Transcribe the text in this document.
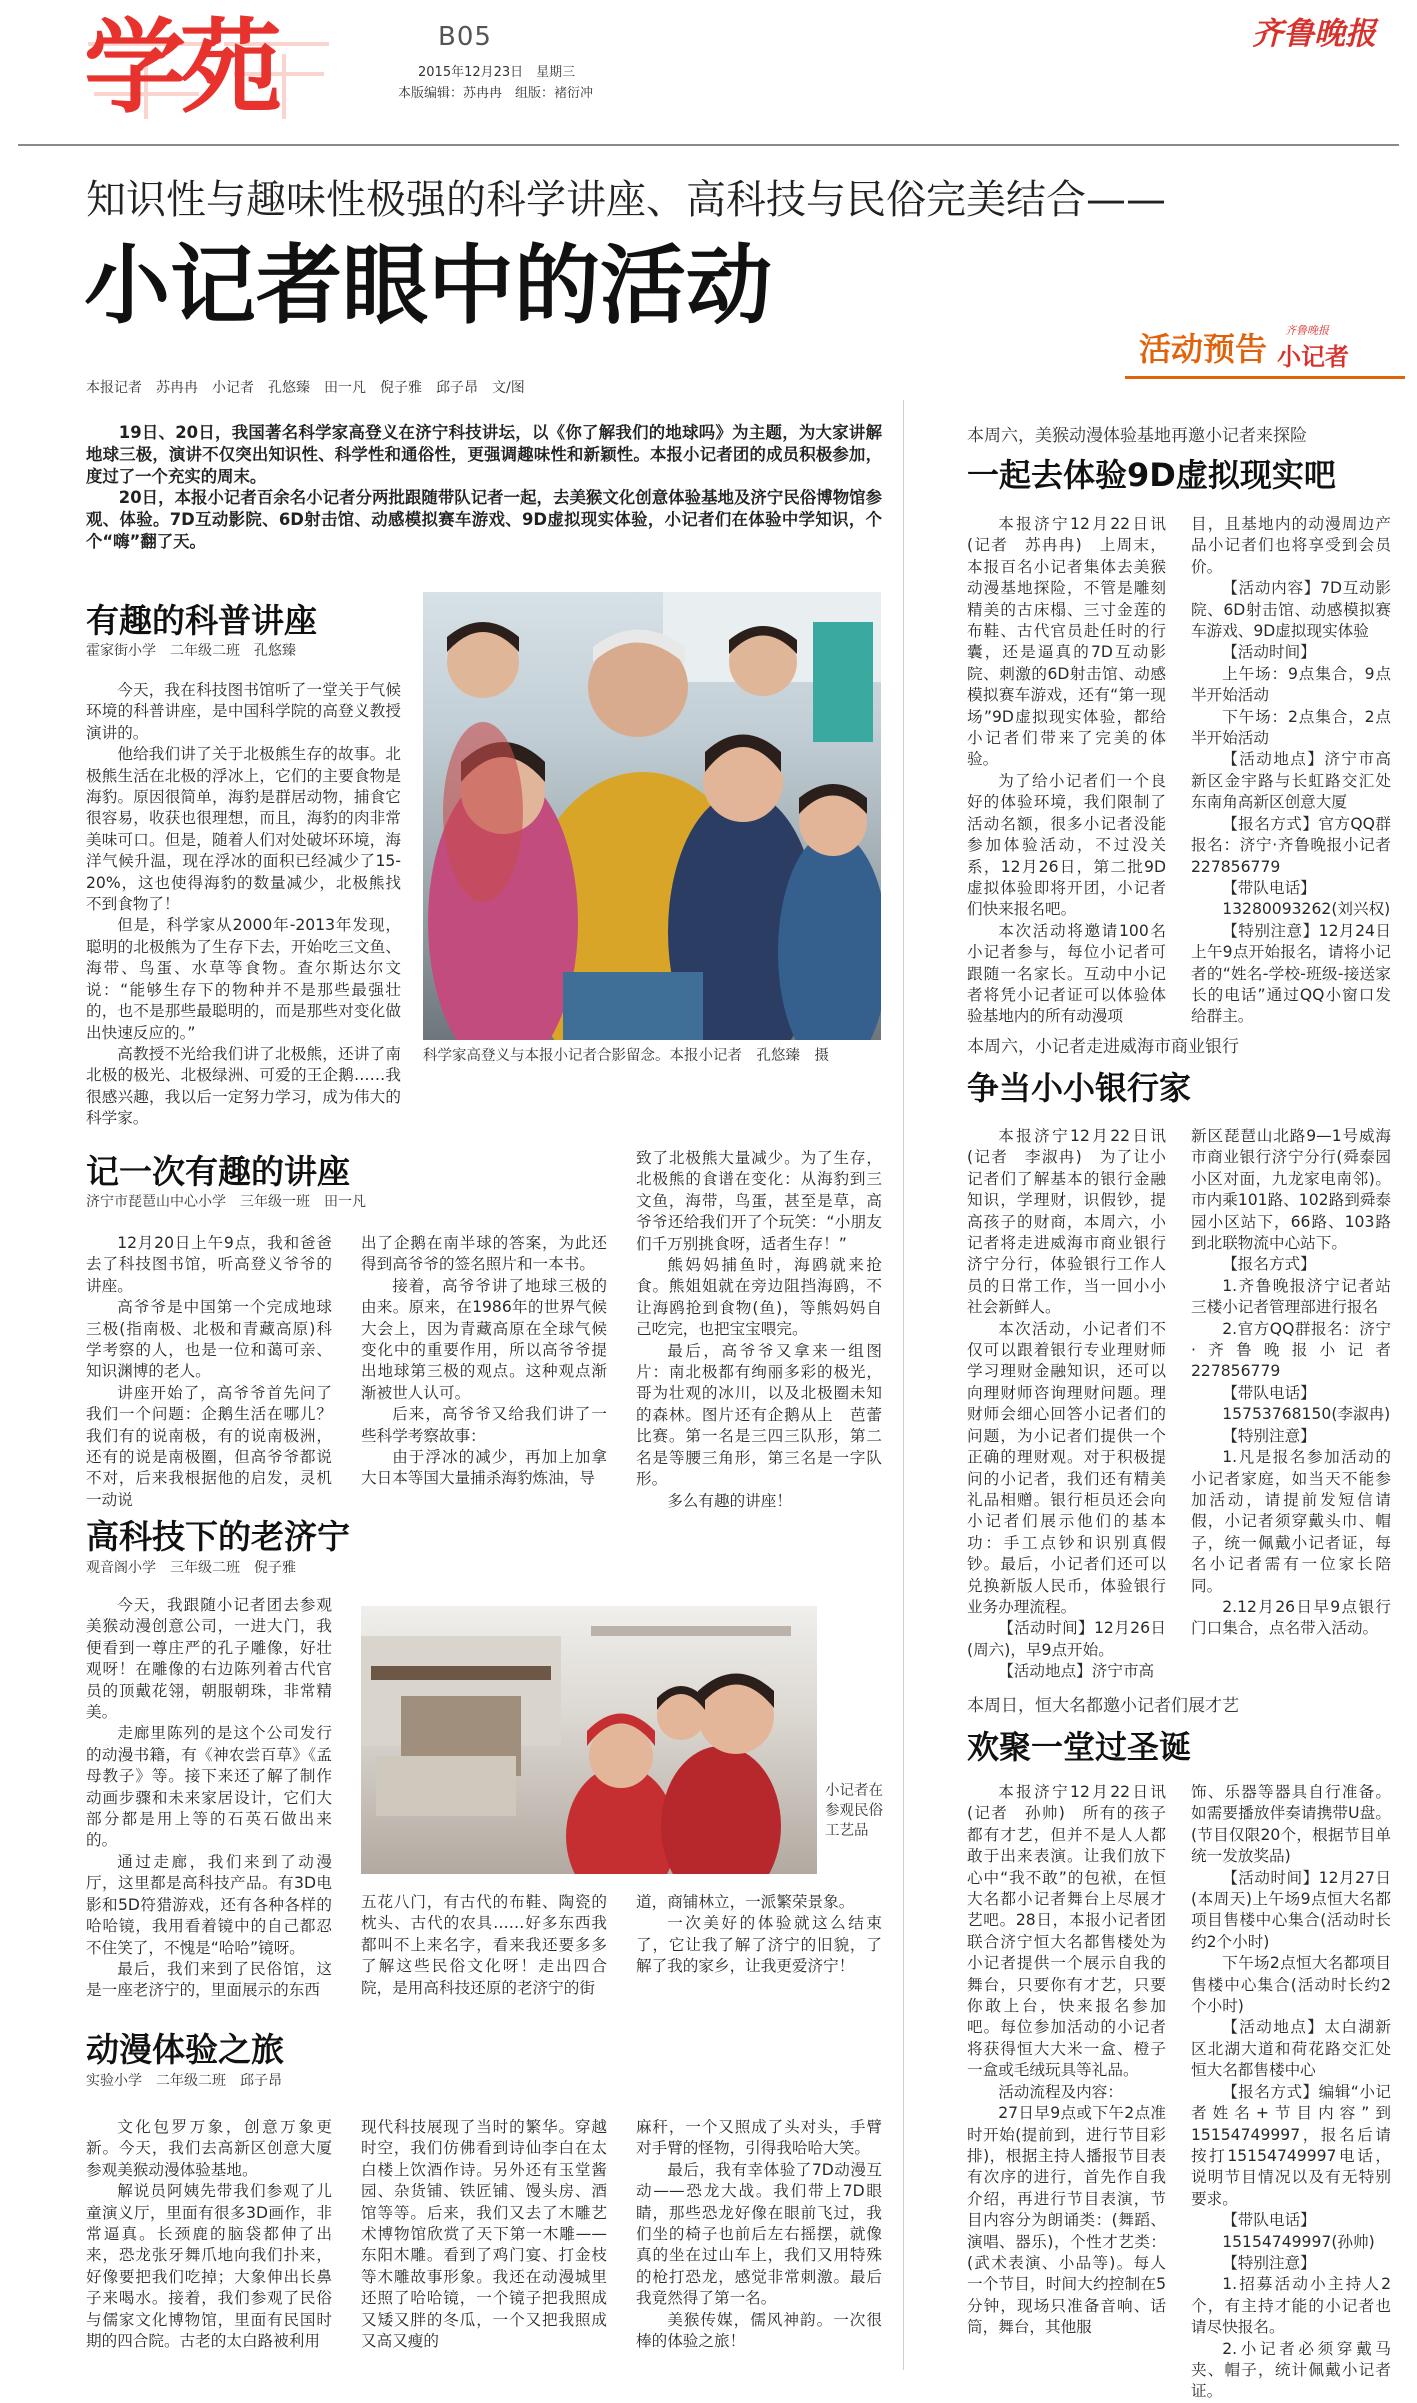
学苑	B05
2015年12月23日　星期三
本版编辑：苏冉冉　组版：褚衍冲
齐鲁晚报
知识性与趣味性极强的科学讲座、高科技与民俗完美结合——
小记者眼中的活动
本报记者　苏冉冉　小记者　孔悠臻　田一凡　倪子雅　邱子昂　文/图

19日、20日，我国著名科学家高登义在济宁科技讲坛，以《你了解我们的地球吗》为主题，为大家讲解地球三极，演讲不仅突出知识性、科学性和通俗性，更强调趣味性和新颖性。本报小记者团的成员积极参加，度过了一个充实的周末。

20日，本报小记者百余名小记者分两批跟随带队记者一起，去美猴文化创意体验基地及济宁民俗博物馆参观、体验。7D互动影院、6D射击馆、动感模拟赛车游戏、9D虚拟现实体验，小记者们在体验中学知识，个个“嗨”翻了天。

活动预告 齐鲁晚报
小记者
有趣的科普讲座
霍家街小学　二年级二班　孔悠臻

今天，我在科技图书馆听了一堂关于气候环境的科普讲座，是中国科学院的高登义教授演讲的。

他给我们讲了关于北极熊生存的故事。北极熊生活在北极的浮冰上，它们的主要食物是海豹。原因很简单，海豹是群居动物，捕食它很容易，收获也很理想，而且，海豹的肉非常美味可口。但是，随着人们对处破坏环境，海洋气候升温，现在浮冰的面积已经减少了15-20%，这也使得海豹的数量减少，北极熊找不到食物了！

但是，科学家从2000年-2013年发现，聪明的北极熊为了生存下去，开始吃三文鱼、海带、鸟蛋、水草等食物。查尔斯达尔文说：“能够生存下的物种并不是那些最强壮的，也不是那些最聪明的，而是那些对变化做出快速反应的。”

高教授不光给我们讲了北极熊，还讲了南北极的极光、北极绿洲、可爱的王企鹅……我很感兴趣，我以后一定努力学习，成为伟大的科学家。

科学家高登义与本报小记者合影留念。本报小记者　孔悠臻　摄
记一次有趣的讲座
济宁市琵琶山中心小学　三年级一班　田一凡

12月20日上午9点，我和爸爸去了科技图书馆，听高登义爷爷的讲座。

高爷爷是中国第一个完成地球三极(指南极、北极和青藏高原)科学考察的人，也是一位和蔼可亲、知识渊博的老人。

讲座开始了，高爷爷首先问了我们一个问题：企鹅生活在哪儿？我们有的说南极，有的说南极洲，还有的说是南极圈，但高爷爷都说不对，后来我根据他的启发，灵机一动说

出了企鹅在南半球的答案，为此还得到高爷爷的签名照片和一本书。

接着，高爷爷讲了地球三极的由来。原来，在1986年的世界气候大会上，因为青藏高原在全球气候变化中的重要作用，所以高爷爷提出地球第三极的观点。这种观点渐渐被世人认可。

后来，高爷爷又给我们讲了一些科学考察故事：

由于浮冰的减少，再加上加拿大日本等国大量捕杀海豹炼油，导

致了北极熊大量减少。为了生存，北极熊的食谱在变化：从海豹到三文鱼，海带，鸟蛋，甚至是草，高爷爷还给我们开了个玩笑：“小朋友们千万别挑食呀，适者生存！”

熊妈妈捕鱼时，海鸥就来抢食。熊姐姐就在旁边阻挡海鸥，不让海鸥抢到食物(鱼)，等熊妈妈自己吃完，也把宝宝喂完。

最后，高爷爷又拿来一组图片：南北极都有绚丽多彩的极光，哥为壮观的冰川，以及北极圈未知的森林。图片还有企鹅从上　芭蕾比赛。第一名是三四三队形，第二名是等腰三角形，第三名是一字队形。

多么有趣的讲座！

高科技下的老济宁
观音阁小学　三年级二班　倪子雅

今天，我跟随小记者团去参观美猴动漫创意公司，一进大门，我便看到一尊庄严的孔子雕像，好壮观呀！在雕像的右边陈列着古代官员的顶戴花翎，朝服朝珠，非常精美。

走廊里陈列的是这个公司发行的动漫书籍，有《神农尝百草》《孟母教子》等。接下来还了解了制作动画步骤和未来家居设计，它们大部分都是用上等的石英石做出来的。

通过走廊，我们来到了动漫厅，这里都是高科技产品。有3D电影和5D符猎游戏，还有各种各样的哈哈镜，我用看着镜中的自己都忍不住笑了，不愧是“哈哈”镜呀。

最后，我们来到了民俗馆，这是一座老济宁的，里面展示的东西

小记者在参观民俗工艺品

五花八门，有古代的布鞋、陶瓷的枕头、古代的农具……好多东西我都叫不上来名字，看来我还要多多了解这些民俗文化呀！走出四合院，是用高科技还原的老济宁的街

道，商铺林立，一派繁荣景象。

一次美好的体验就这么结束了，它让我了解了济宁的旧貌，了解了我的家乡，让我更爱济宁！

动漫体验之旅
实验小学　二年级二班　邱子昂

文化包罗万象，创意万象更新。今天，我们去高新区创意大厦参观美猴动漫体验基地。

解说员阿姨先带我们参观了儿童演义厅，里面有很多3D画作，非常逼真。长颈鹿的脑袋都伸了出来，恐龙张牙舞爪地向我们扑来，好像要把我们吃掉；大象伸出长鼻子来喝水。接着，我们参观了民俗与儒家文化博物馆，里面有民国时期的四合院。古老的太白路被利用

现代科技展现了当时的繁华。穿越时空，我们仿佛看到诗仙李白在太白楼上饮酒作诗。另外还有玉堂酱园、杂货铺、铁匠铺、馒头房、酒馆等等。后来，我们又去了木雕艺术博物馆欣赏了天下第一木雕——东阳木雕。看到了鸡门宴、打金枝等木雕故事形象。我还在动漫城里还照了哈哈镜，一个镜子把我照成又矮又胖的冬瓜，一个又把我照成又高又瘦的

麻秆，一个又照成了头对头，手臂对手臂的怪物，引得我哈哈大笑。

最后，我有幸体验了7D动漫互动——恐龙大战。我们带上7D眼睛，那些恐龙好像在眼前飞过，我们坐的椅子也前后左右摇摆，就像真的坐在过山车上，我们又用特殊的枪打恐龙，感觉非常刺激。最后我竟然得了第一名。

美猴传媒，儒风神韵。一次很棒的体验之旅！

本周六，美猴动漫体验基地再邀小记者来探险
一起去体验9D虚拟现实吧

本报济宁12月22日讯(记者　苏冉冉)　上周末，本报百名小记者集体去美猴动漫基地探险，不管是雕刻精美的古床榻、三寸金莲的布鞋、古代官员赴任时的行囊，还是逼真的7D互动影院、刺激的6D射击馆、动感模拟赛车游戏，还有“第一现场”9D虚拟现实体验，都给小记者们带来了完美的体验。

为了给小记者们一个良好的体验环境，我们限制了活动名额，很多小记者没能参加体验活动，不过没关系，12月26日，第二批9D虚拟体验即将开团，小记者们快来报名吧。

本次活动将邀请100名小记者参与，每位小记者可跟随一名家长。互动中小记者将凭小记者证可以体验体验基地内的所有动漫项

目，且基地内的动漫周边产品小记者们也将享受到会员价。

【活动内容】7D互动影院、6D射击馆、动感模拟赛车游戏、9D虚拟现实体验

【活动时间】

上午场：9点集合，9点半开始活动

下午场：2点集合，2点半开始活动

【活动地点】济宁市高新区金宇路与长虹路交汇处东南角高新区创意大厦

【报名方式】官方QQ群报名：济宁·齐鲁晚报小记者227856779

【带队电话】

13280093262(刘兴权)

【特别注意】12月24日上午9点开始报名，请将小记者的“姓名-学校-班级-接送家长的电话”通过QQ小窗口发给群主。

本周六，小记者走进威海市商业银行
争当小小银行家

本报济宁12月22日讯(记者　李淑冉)　为了让小记者们了解基本的银行金融知识，学理财，识假钞，提高孩子的财商，本周六，小记者将走进威海市商业银行济宁分行，体验银行工作人员的日常工作，当一回小小社会新鲜人。

本次活动，小记者们不仅可以跟着银行专业理财师学习理财金融知识，还可以向理财师咨询理财问题。理财师会细心回答小记者们的问题，为小记者们提供一个正确的理财观。对于积极提问的小记者，我们还有精美礼品相赠。银行柜员还会向小记者们展示他们的基本功：手工点钞和识别真假钞。最后，小记者们还可以兑换新版人民币，体验银行业务办理流程。

【活动时间】12月26日(周六)，早9点开始。

【活动地点】济宁市高

新区琵琶山北路9—1号威海市商业银行济宁分行(舜泰园小区对面，九龙家电南邻)。市内乘101路、102路到舜泰园小区站下，66路、103路到北联物流中心站下。

【报名方式】

1.齐鲁晚报济宁记者站三楼小记者管理部进行报名

2.官方QQ群报名：济宁·齐鲁晚报小记者227856779

【带队电话】

15753768150(李淑冉)

【特别注意】

1.凡是报名参加活动的小记者家庭，如当天不能参加活动，请提前发短信请假，小记者须穿戴头巾、帽子，统一佩戴小记者证，每名小记者需有一位家长陪同。

2.12月26日早9点银行门口集合，点名带入活动。

本周日，恒大名都邀小记者们展才艺
欢聚一堂过圣诞

本报济宁12月22日讯(记者　孙帅)　所有的孩子都有才艺，但并不是人人都敢于出来表演。让我们放下心中“我不敢”的包袱，在恒大名都小记者舞台上尽展才艺吧。28日，本报小记者团联合济宁恒大名都售楼处为小记者提供一个展示自我的舞台，只要你有才艺，只要你敢上台，快来报名参加吧。每位参加活动的小记者将获得恒大大米一盒、橙子一盒或毛绒玩具等礼品。

活动流程及内容：

27日早9点或下午2点准时开始(提前到，进行节目彩排)，根据主持人播报节目表有次序的进行，首先作自我介绍，再进行节目表演，节目内容分为朗诵类：(舞蹈、演唱、器乐)，个性才艺类：(武术表演、小品等)。每人一个节目，时间大约控制在5分钟，现场只准备音响、话筒，舞台，其他服

饰、乐器等器具自行准备。如需要播放伴奏请携带U盘。(节目仅限20个，根据节目单统一发放奖品)

【活动时间】12月27日(本周天)上午场9点恒大名都项目售楼中心集合(活动时长约2个小时)

下午场2点恒大名都项目售楼中心集合(活动时长约2个小时)

【活动地点】太白湖新区北湖大道和荷花路交汇处恒大名都售楼中心

【报名方式】编辑“小记者姓名+节目内容”到15154749997，报名后请按打15154749997电话，说明节目情况以及有无特别要求。

【带队电话】

15154749997(孙帅)

【特别注意】

1.招募活动小主持人2个，有主持才能的小记者也请尽快报名。

2.小记者必须穿戴马夹、帽子，统计佩戴小记者证。
